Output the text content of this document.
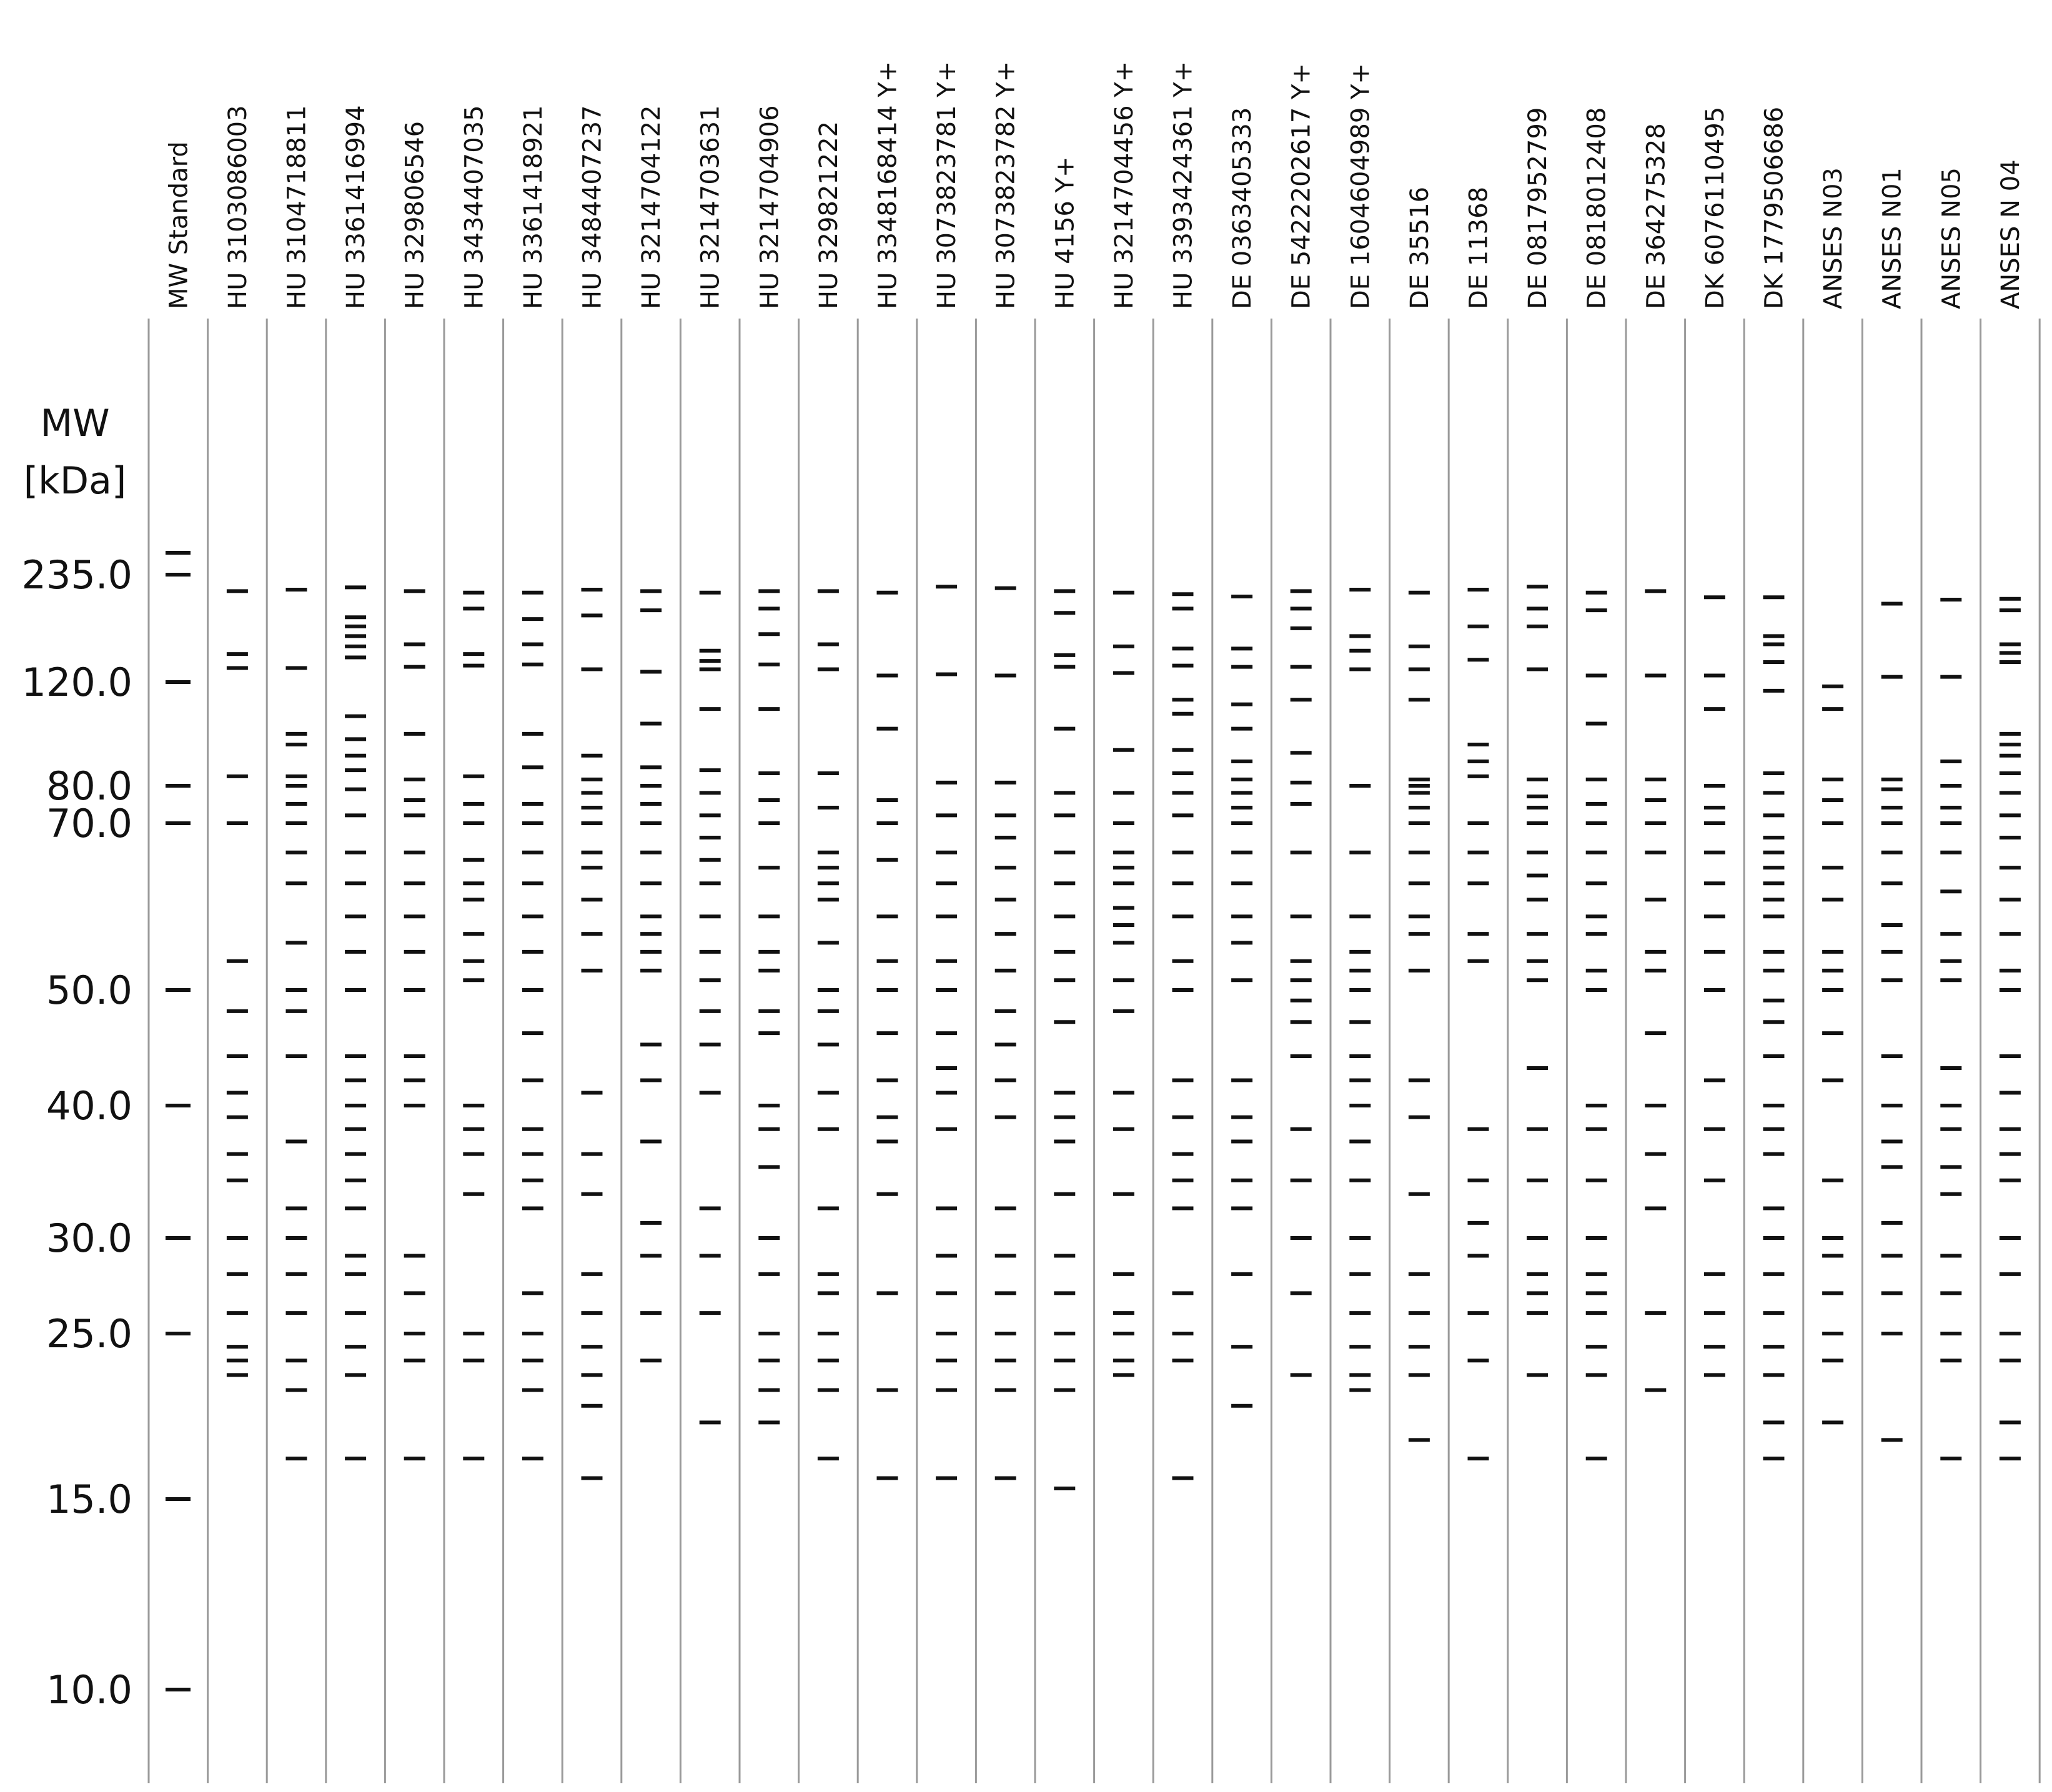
MW
[kDa]
MW Standard HU 3103086003 HU 3104718811 HU 3361416994 HU 329806546 HU 3434407035 HU 3361418921 HU 3484407237 HU 3214704122 HU 3214703631 HU 3214704906 HU 329821222 HU 3348168414 Y+ HU 3073823781 Y+ HU 3073823782 Y+ HU 4156 Y+ HU 3214704456 Y+ HU 3393424361 Y+ DE 0363405333 DE 5422202617 Y+ DE 1604604989 Y+ DE 35516 DE 11368 DE 0817952799 DE 0818012408 DE 364275328 DK 6076110495 DK 1779506686 ANSES N03 ANSES N01 ANSES N05 ANSES N 04
235.0
120.0
80.0
70.0
50.0
40.0
30.0
25.0
15.0
10.0
